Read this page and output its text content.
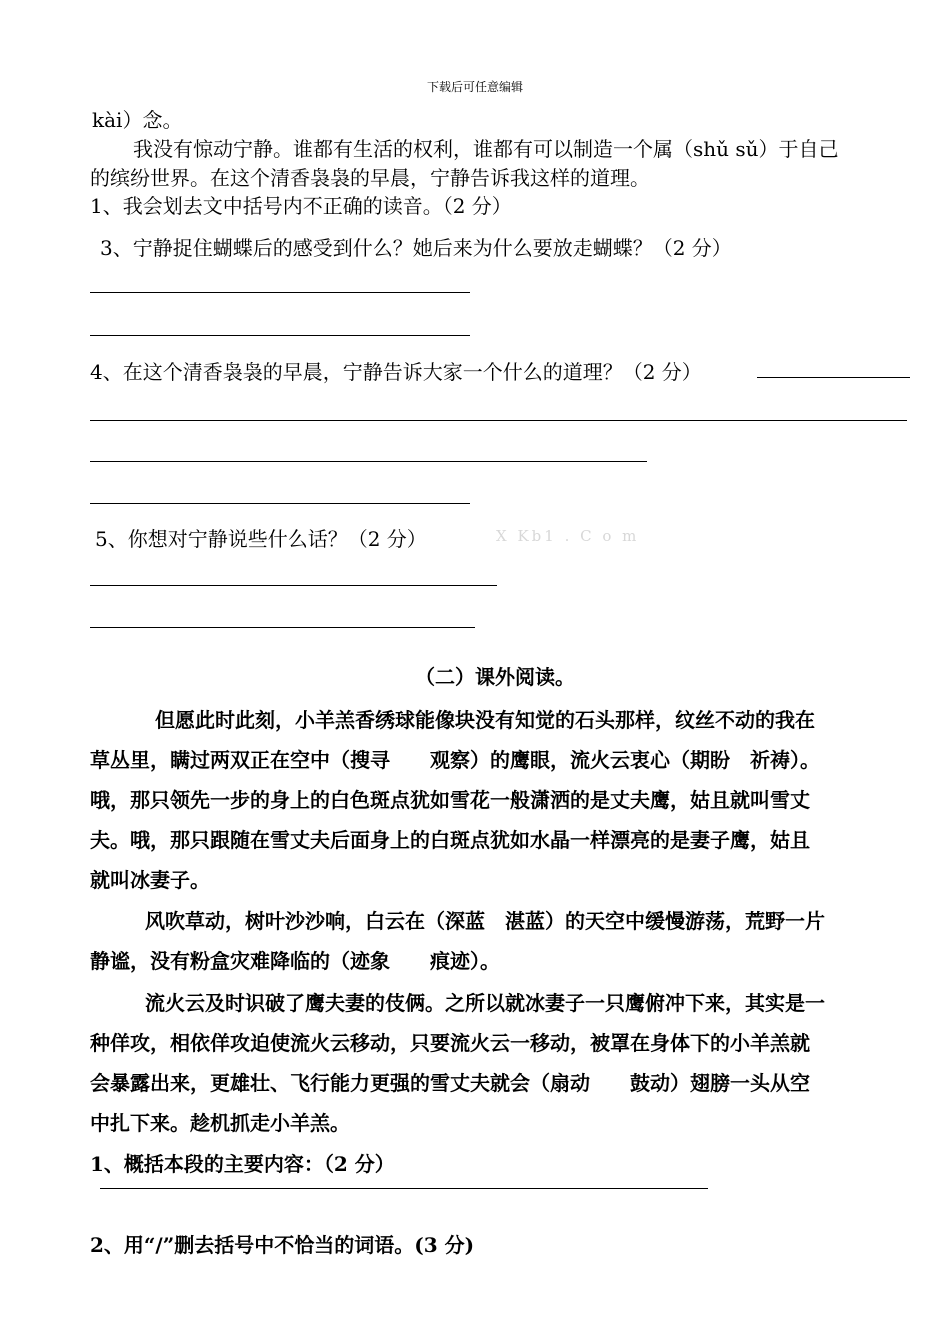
下载后可任意编辑
kài）念。
我没有惊动宁静。谁都有生活的权利，谁都有可以制造一个属（shǔ sǔ）于自己
的缤纷世界。在这个清香袅袅的早晨，宁静告诉我这样的道理。
1、我会划去文中括号内不正确的读音。（2 分）
3、宁静捉住蝴蝶后的感受到什么？她后来为什么要放走蝴蝶？（2 分）
4、在这个清香袅袅的早晨，宁静告诉大家一个什么的道理？（2 分）
5、你想对宁静说些什么话？（2 分）	X Kb1 . C o m
（二）课外阅读。
但愿此时此刻，小羊羔香绣球能像块没有知觉的石头那样，纹丝不动的我在
草丛里，瞒过两双正在空中（搜寻　　观察）的鹰眼，流火云衷心（期盼　祈祷）。
哦，那只领先一步的身上的白色斑点犹如雪花一般潇洒的是丈夫鹰，姑且就叫雪丈
夫。哦，那只跟随在雪丈夫后面身上的白斑点犹如水晶一样漂亮的是妻子鹰，姑且
就叫冰妻子。
风吹草动，树叶沙沙响，白云在（深蓝　湛蓝）的天空中缓慢游荡，荒野一片
静谧，没有粉盒灾难降临的（迹象　　痕迹）。
流火云及时识破了鹰夫妻的伎俩。之所以就冰妻子一只鹰俯冲下来，其实是一
种佯攻，相依佯攻迫使流火云移动，只要流火云一移动，被罩在身体下的小羊羔就
会暴露出来，更雄壮、飞行能力更强的雪丈夫就会（扇动　　鼓动）翅膀一头从空
中扎下来。趁机抓走小羊羔。
1、概括本段的主要内容：（2 分）
2、用“/”删去括号中不恰当的词语。(3 分)
